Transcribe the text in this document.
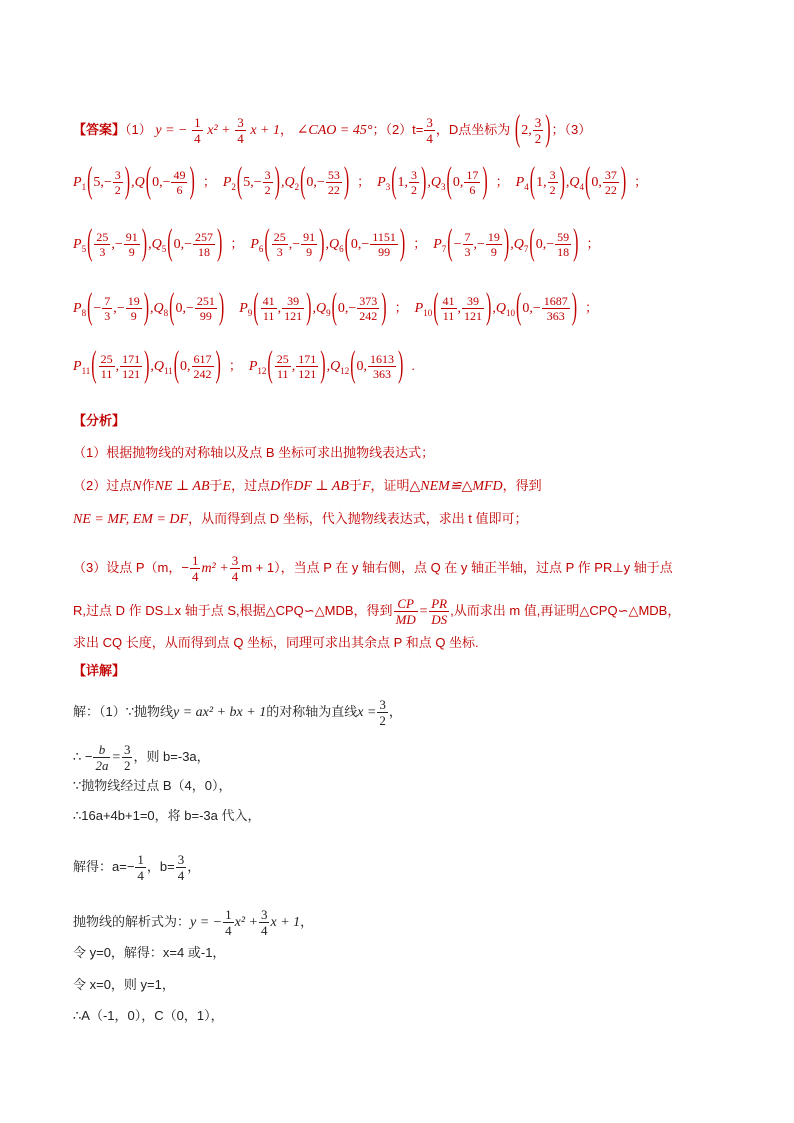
【答案】（1） y = − $\frac{1}{4} x^2 + \frac{3}{4}$ x + 1， ∠CAO = 45°；$(2)t= \frac{3}{4}$ ，D点坐标为 (2, $\frac{3}{2}$ )；（3）
【分析】
（1）根据抛物线的对称轴以及点 B 坐标可求出抛物线表达式；
（2）过点N作NE ⊥ AB于E，过点D作DF ⊥ AB于F，证明△NEM≌△MFD，得到
NE = MF, EM = DF，从而得到点 D 坐标，代入抛物线表达式，求出 t 值即可；
（3）设点 P（m，− $\frac{1}{4} m^2 + \frac{3}{4}$ m + 1），当点 P 在 y 轴右侧，点 Q 在 y 轴正半轴，过点 P 作 PR⊥y 轴于点
R,过点 D 作 DS⊥x 轴于点 S,根据△CPQ∽△MDB，得到 $\frac{CP}{MD} = \frac{PR}{DS}$ ,从而求出 m 值,再证明△CPQ∽△MDB，
求出 CQ 长度，从而得到点 Q 坐标，同理可求出其余点 P 和点 Q 坐标.
【详解】
解：（1）∵抛物线y = ax² + bx + 1的对称轴为直线$x = \frac{3}{2}$ ，
∴ − $\frac{b}{2a} = \frac{3}{2}$ ，则 b=-3a，
∵抛物线经过点 B（4，0），
∴16a+4b+1=0，将 b=-3a 代入，
解得：$a=- \frac{1}{4}$ ，$b= \frac{3}{4}$ ，
抛物线的解析式为：y = − $\frac{1}{4} x^2 + \frac{3}{4}$ x + 1，
令 y=0，解得：x=4 或-1，
令 x=0，则 y=1，
∴A（-1，0），C（0，1），
$P_1(5,- \frac{3}{2} ),Q(0,- \frac{49}{6}$ ) ； $P_2(5,- \frac{3}{2} ),Q_2(0,- \frac{53}{22}$ ) ； $P_3(1$, $\frac{3}{2} ),Q_3(0$, $\frac{17}{6}$ ) ； $P_4(1$, $\frac{3}{2} ),Q_4(0$, $\frac{37}{22}$ ) ；
$P_5( \frac{25}{3}$ ,− $\frac{91}{9} ),Q_5(0,- \frac{257}{18}$ ) ； $P_6( \frac{25}{3}$ ,− $\frac{91}{9} ),Q_6(0,- \frac{1151}{99}$ ) ； $P_7(- \frac{7}{3}$ ,− $\frac{19}{9} ),Q_7(0,- \frac{59}{18}$ ) ；
$P_8(- \frac{7}{3}$ ,− $\frac{19}{9} ),Q_8(0,- \frac{251}{99}$ ) $P_9( \frac{41}{11}$ , $\frac{39}{121} ),Q_9(0,- \frac{373}{242}$ ) ； $P_{10}( \frac{41}{11}$ , $\frac{39}{121} ),Q_{10}(0,- \frac{1687}{363}$ ) ；
$P_{11}( \frac{25}{11}$ , $\frac{171}{121} ),Q_{11}(0$, $\frac{617}{242}$ ) ； $P_{12}( \frac{25}{11}$ , $\frac{171}{121} ),Q_{12}(0$, $\frac{1613}{363}$ ) .
